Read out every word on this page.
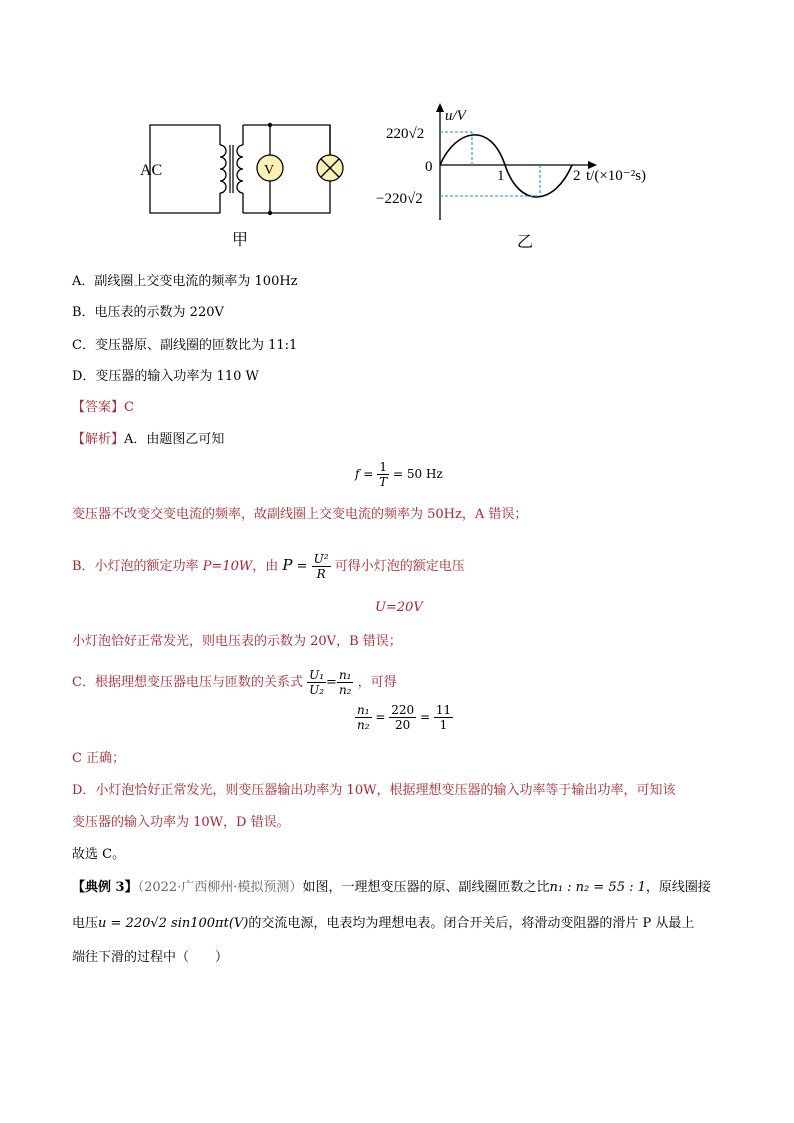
AC	V
甲
u/V
220√2
0
−220√2
1	2 t/(×10⁻²s)
乙
A．副线圈上交变电流的频率为 100Hz
B．电压表的示数为 220V
C．变压器原、副线圈的匝数比为 11:1
D．变压器的输入功率为 110 W
【答案】C
【解析】A．由题图乙可知
$f = \frac{1}{T} = 50$ Hz
变压器不改变交变电流的频率，故副线圈上交变电流的频率为 50Hz，A 错误；
B．小灯泡的额定功率 P=10W，由 $P = \frac{\text{U²}}{R}$ 可得小灯泡的额定电压
U=20V
小灯泡恰好正常发光，则电压表的示数为 20V，B 错误；
C．根据理想变压器电压与匝数的关系式 $\frac{\text{U₁}}{\text{U₂}} = \frac{\text{n₁}}{\text{n₂}}$ ，可得
$\frac{\text{n₁}}{\text{n₂}} = \frac{220}{20} = \frac{11}{1}$
C 正确；
D．小灯泡恰好正常发光，则变压器输出功率为 10W，根据理想变压器的输入功率等于输出功率，可知该
变压器的输入功率为 10W，D 错误。
故选 C。
【典例 3】（2022·广西柳州·模拟预测）如图，一理想变压器的原、副线圈匝数之比n₁ : n₂ = 55 : 1，原线圈接
电压u = 220√2 sin100πt(V)的交流电源，电表均为理想电表。闭合开关后，将滑动变阻器的滑片 P 从最上
端往下滑的过程中（　　）
